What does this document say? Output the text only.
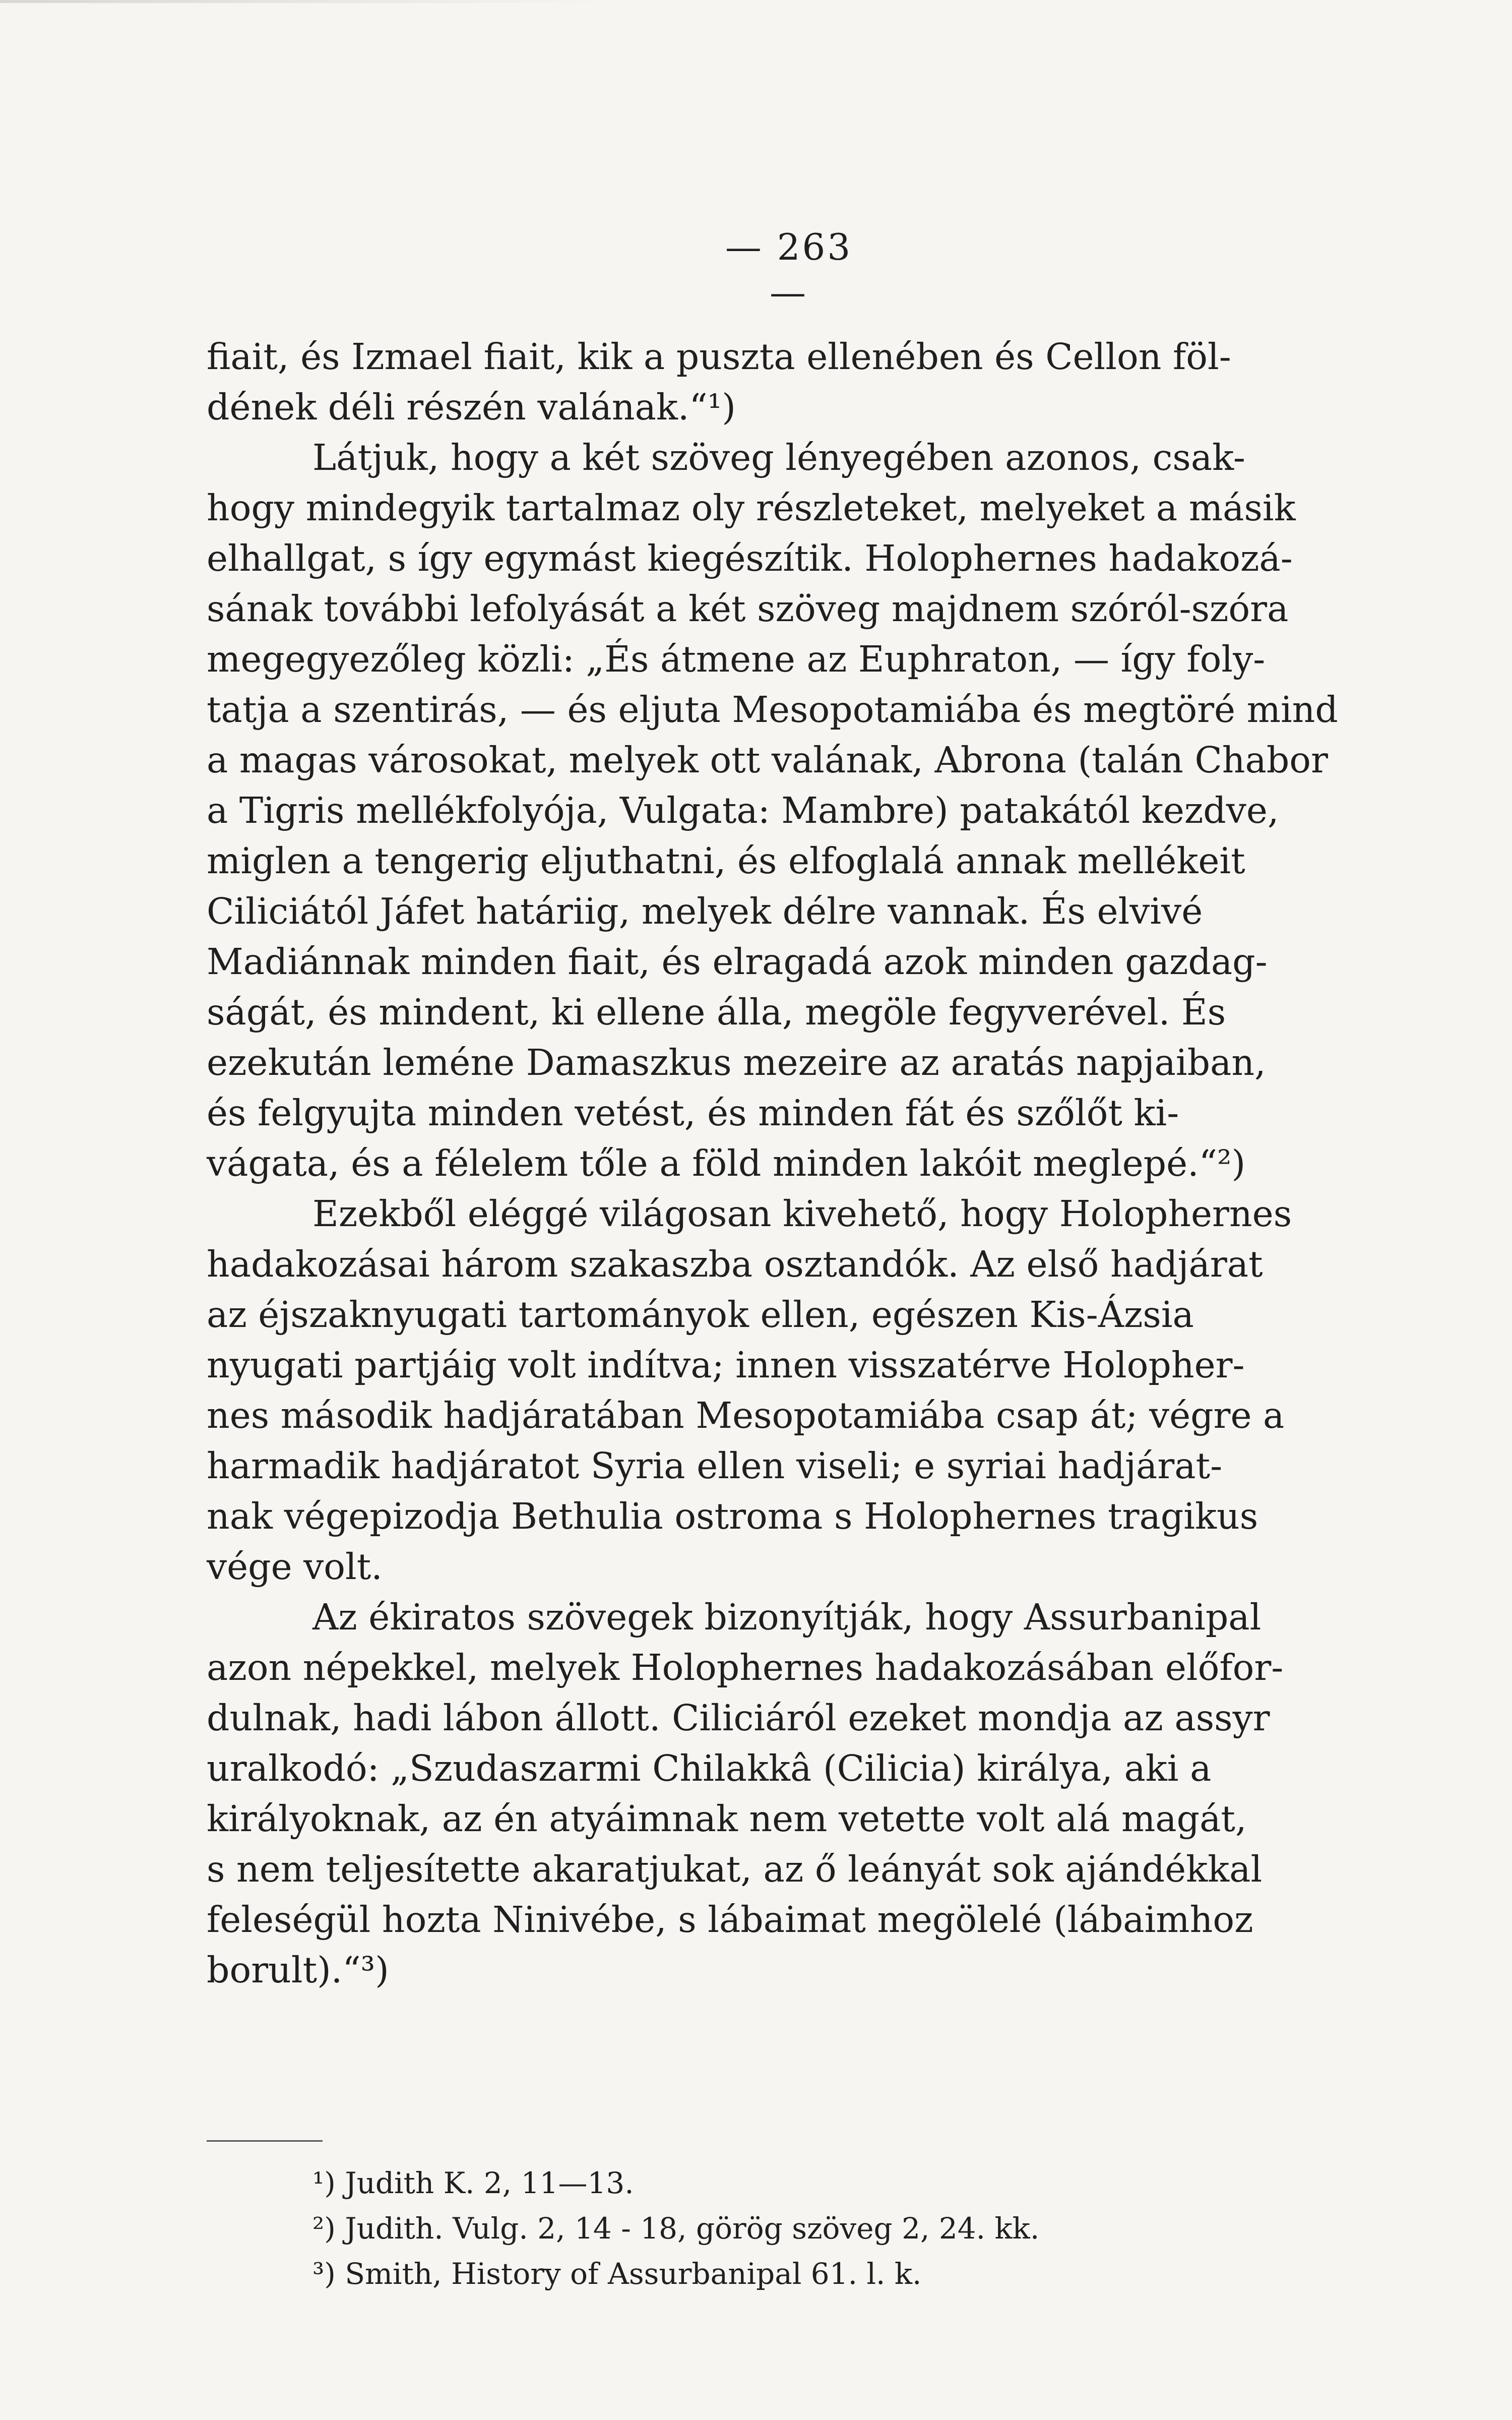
— 263 —
fiait, és Izmael fiait, kik a puszta ellenében és Cellon föl-
dének déli részén valának.“¹)
Látjuk, hogy a két szöveg lényegében azonos, csak-
hogy mindegyik tartalmaz oly részleteket, melyeket a másik
elhallgat, s így egymást kiegészítik. Holophernes hadakozá-
sának további lefolyását a két szöveg majdnem szóról-szóra
megegyezőleg közli: „És átmene az Euphraton, — így foly-
tatja a szentirás, — és eljuta Mesopotamiába és megtöré mind
a magas városokat, melyek ott valának, Abrona (talán Chabor
a Tigris mellékfolyója, Vulgata: Mambre) patakától kezdve,
miglen a tengerig eljuthatni, és elfoglalá annak mellékeit
Ciliciától Jáfet határiig, melyek délre vannak. És elvivé
Madiánnak minden fiait, és elragadá azok minden gazdag-
ságát, és mindent, ki ellene álla, megöle fegyverével. És
ezekután leméne Damaszkus mezeire az aratás napjaiban,
és felgyujta minden vetést, és minden fát és szőlőt ki-
vágata, és a félelem tőle a föld minden lakóit meglepé.“²)
Ezekből eléggé világosan kivehető, hogy Holophernes
hadakozásai három szakaszba osztandók. Az első hadjárat
az éjszaknyugati tartományok ellen, egészen Kis-Ázsia
nyugati partjáig volt indítva; innen visszatérve Holopher-
nes második hadjáratában Mesopotamiába csap át; végre a
harmadik hadjáratot Syria ellen viseli; e syriai hadjárat-
nak végepizodja Bethulia ostroma s Holophernes tragikus
vége volt.
Az ékiratos szövegek bizonyítják, hogy Assurbanipal
azon népekkel, melyek Holophernes hadakozásában előfor-
dulnak, hadi lábon állott. Ciliciáról ezeket mondja az assyr
uralkodó: „Szudaszarmi Chilakkâ (Cilicia) királya, aki a
királyoknak, az én atyáimnak nem vetette volt alá magát,
s nem teljesítette akaratjukat, az ő leányát sok ajándékkal
feleségül hozta Ninivébe, s lábaimat megölelé (lábaimhoz
borult).“³)
¹) Judith K. 2, 11—13.
²) Judith. Vulg. 2, 14 - 18, görög szöveg 2, 24. kk.
³) Smith, History of Assurbanipal 61. l. k.
